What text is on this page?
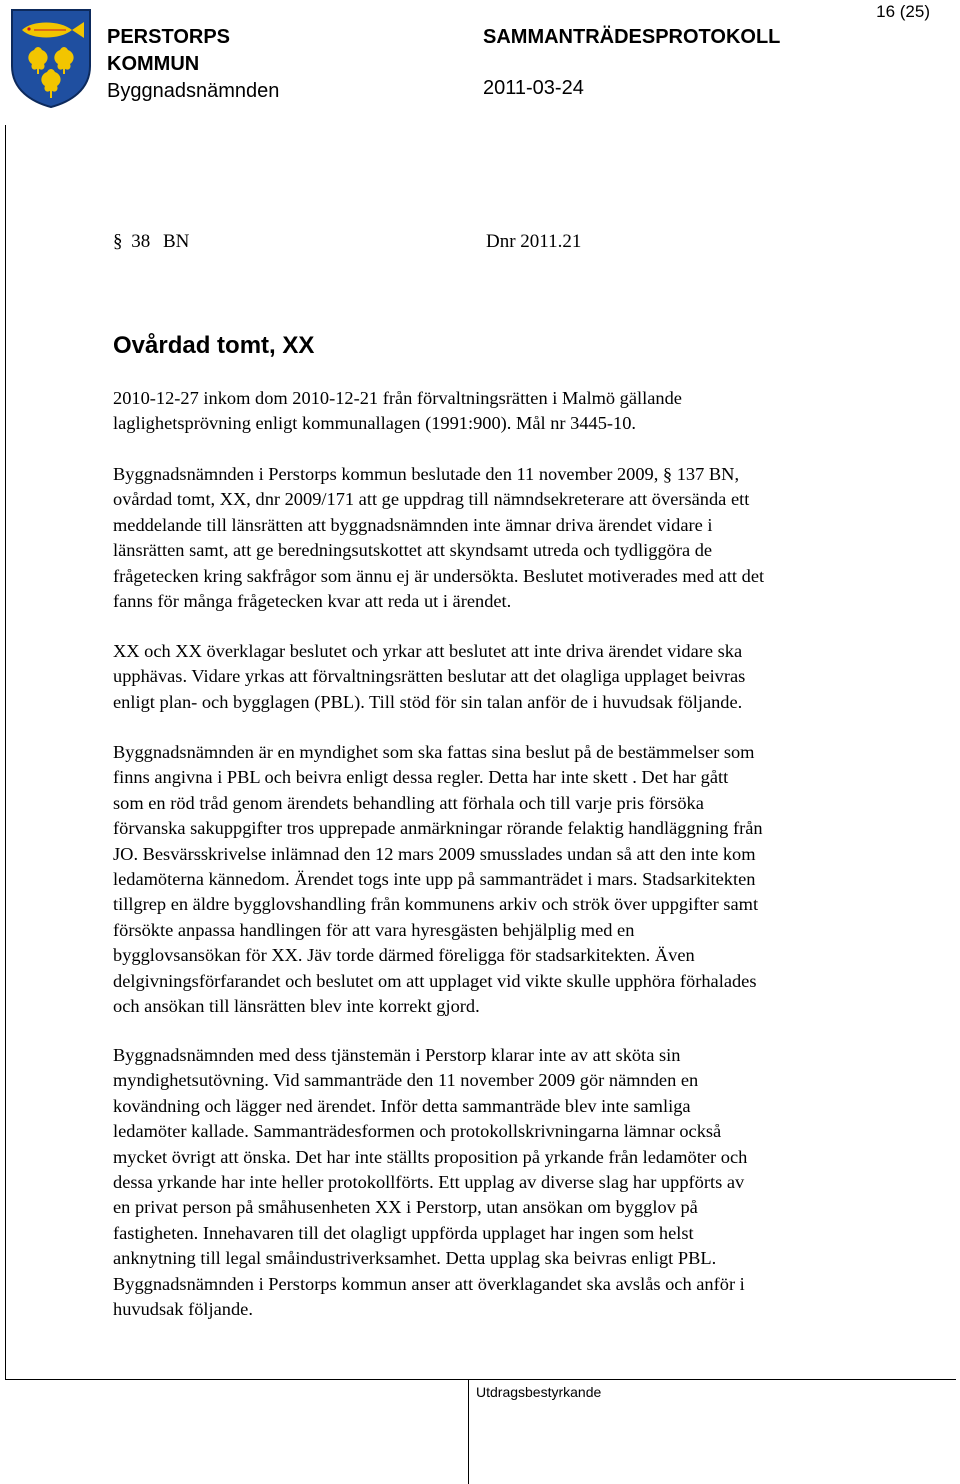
PERSTORPS
KOMMUN
Byggnadsnämnden
SAMMANTRÄDESPROTOKOLL
2011-03-24
16 (25)
§ 38 BN	Dnr 2011.21
Ovårdad tomt, XX
2010-12-27 inkom dom 2010-12-21 från förvaltningsrätten i Malmö gällande
laglighetsprövning enligt kommunallagen (1991:900). Mål nr 3445-10.
Byggnadsnämnden i Perstorps kommun beslutade den 11 november 2009, § 137 BN,
ovårdad tomt, XX, dnr 2009/171 att ge uppdrag till nämndsekreterare att översända ett
meddelande till länsrätten att byggnadsnämnden inte ämnar driva ärendet vidare i
länsrätten samt, att ge beredningsutskottet att skyndsamt utreda och tydliggöra de
frågetecken kring sakfrågor som ännu ej är undersökta. Beslutet motiverades med att det
fanns för många frågetecken kvar att reda ut i ärendet.
XX och XX överklagar beslutet och yrkar att beslutet att inte driva ärendet vidare ska
upphävas. Vidare yrkas att förvaltningsrätten beslutar att det olagliga upplaget beivras
enligt plan- och bygglagen (PBL). Till stöd för sin talan anför de i huvudsak följande.
Byggnadsnämnden är en myndighet som ska fattas sina beslut på de bestämmelser som
finns angivna i PBL och beivra enligt dessa regler. Detta har inte skett . Det har gått
som en röd tråd genom ärendets behandling att förhala och till varje pris försöka
förvanska sakuppgifter tros upprepade anmärkningar rörande felaktig handläggning från
JO. Besvärsskrivelse inlämnad den 12 mars 2009 smusslades undan så att den inte kom
ledamöterna kännedom. Ärendet togs inte upp på sammanträdet i mars. Stadsarkitekten
tillgrep en äldre bygglovshandling från kommunens arkiv och strök över uppgifter samt
försökte anpassa handlingen för att vara hyresgästen behjälplig med en
bygglovsansökan för XX. Jäv torde därmed föreligga för stadsarkitekten. Även
delgivningsförfarandet och beslutet om att upplaget vid vikte skulle upphöra förhalades
och ansökan till länsrätten blev inte korrekt gjord.
Byggnadsnämnden med dess tjänstemän i Perstorp klarar inte av att sköta sin
myndighetsutövning. Vid sammanträde den 11 november 2009 gör nämnden en
kovändning och lägger ned ärendet. Inför detta sammanträde blev inte samliga
ledamöter kallade. Sammanträdesformen och protokollskrivningarna lämnar också
mycket övrigt att önska. Det har inte ställts proposition på yrkande från ledamöter och
dessa yrkande har inte heller protokollförts. Ett upplag av diverse slag har uppförts av
en privat person på småhusenheten XX i Perstorp, utan ansökan om bygglov på
fastigheten. Innehavaren till det olagligt uppförda upplaget har ingen som helst
anknytning till legal småindustriverksamhet. Detta upplag ska beivras enligt PBL.
Byggnadsnämnden i Perstorps kommun anser att överklagandet ska avslås och anför i
huvudsak följande.
Utdragsbestyrkande
